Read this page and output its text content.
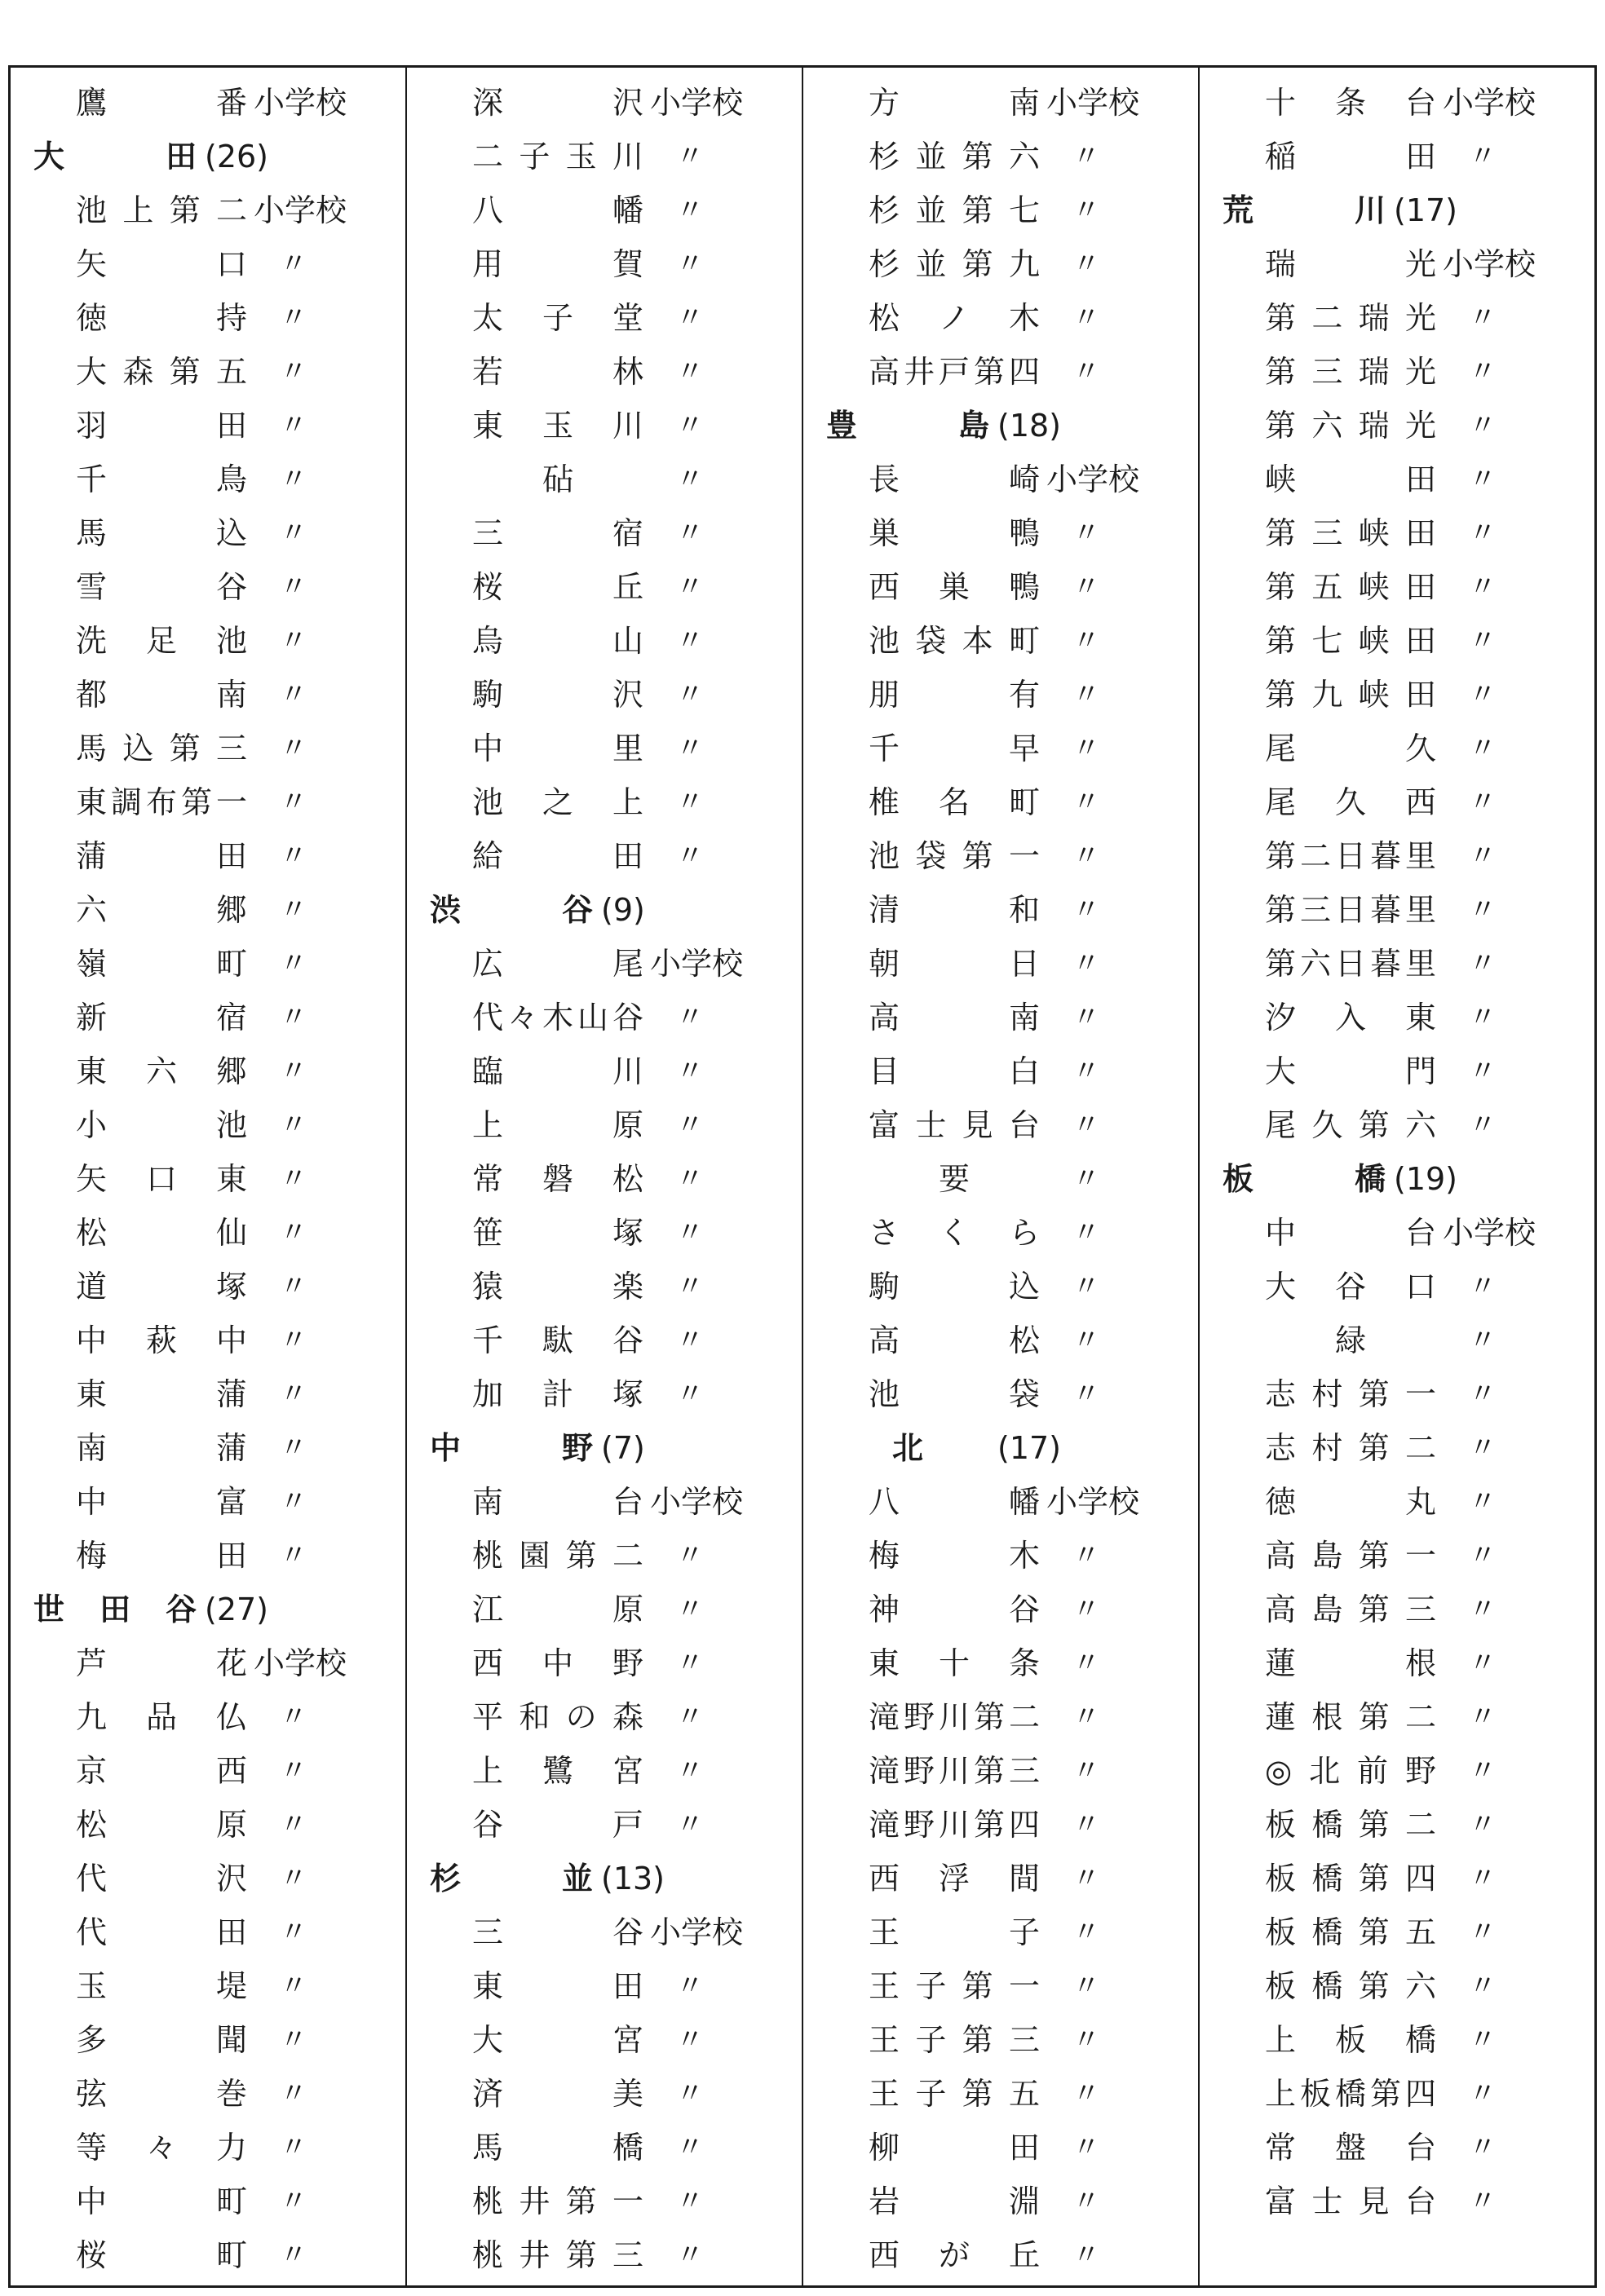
鷹	番 小学校
大	田 (26)
池 上 第 二 小学校
矢	口 〃
徳	持 〃
大 森 第 五 〃
羽	田 〃
千	鳥 〃
馬	込 〃
雪	谷 〃
洗 足 池 〃
都	南 〃
馬 込 第 三 〃
東 調 布 第 一 〃
蒲	田 〃
六	郷 〃
嶺	町 〃
新	宿 〃
東 六 郷 〃
小	池 〃
矢 口 東 〃
松	仙 〃
道	塚 〃
中 萩 中 〃
東	蒲 〃
南	蒲 〃
中	富 〃
梅	田 〃
世 田 谷 (27)
芦	花 小学校
九 品 仏 〃
京	西 〃
松	原 〃
代	沢 〃
代	田 〃
玉	堤 〃
多	聞 〃
弦	巻 〃
等 々 力 〃
中	町 〃
桜	町 〃
深	沢 小学校
二 子 玉 川 〃
八	幡 〃
用	賀 〃
太 子 堂 〃
若	林 〃
東 玉 川 〃
砧	〃
三	宿 〃
桜	丘 〃
烏	山 〃
駒	沢 〃
中	里 〃
池 之 上 〃
給	田 〃
渋	谷 (9)
広	尾 小学校
代 々 木 山 谷 〃
臨	川 〃
上	原 〃
常 磐 松 〃
笹	塚 〃
猿	楽 〃
千 駄 谷 〃
加 計 塚 〃
中	野 (7)
南	台 小学校
桃 園 第 二 〃
江	原 〃
西 中 野 〃
平 和 の 森 〃
上 鷺 宮 〃
谷	戸 〃
杉	並 (13)
三	谷 小学校
東	田 〃
大	宮 〃
済	美 〃
馬	橋 〃
桃 井 第 一 〃
桃 井 第 三 〃
方	南 小学校
杉 並 第 六 〃
杉 並 第 七 〃
杉 並 第 九 〃
松 ノ 木 〃
高 井 戸 第 四 〃
豊	島 (18)
長	崎 小学校
巣	鴨 〃
西 巣 鴨 〃
池 袋 本 町 〃
朋	有 〃
千	早 〃
椎 名 町 〃
池 袋 第 一 〃
清	和 〃
朝	日 〃
高	南 〃
目	白 〃
富 士 見 台 〃
要	〃
さ く ら 〃
駒	込 〃
高	松 〃
池	袋 〃
北 (17)
八	幡 小学校
梅	木 〃
神	谷 〃
東 十 条 〃
滝 野 川 第 二 〃
滝 野 川 第 三 〃
滝 野 川 第 四 〃
西 浮 間 〃
王	子 〃
王 子 第 一 〃
王 子 第 三 〃
王 子 第 五 〃
柳	田 〃
岩	淵 〃
西 が 丘 〃
十 条 台 小学校
稲	田 〃
荒	川 (17)
瑞	光 小学校
第 二 瑞 光 〃
第 三 瑞 光 〃
第 六 瑞 光 〃
峡	田 〃
第 三 峡 田 〃
第 五 峡 田 〃
第 七 峡 田 〃
第 九 峡 田 〃
尾	久 〃
尾 久 西 〃
第 二 日 暮 里 〃
第 三 日 暮 里 〃
第 六 日 暮 里 〃
汐 入 東 〃
大	門 〃
尾 久 第 六 〃
板	橋 (19)
中	台 小学校
大 谷 口 〃
緑	〃
志 村 第 一 〃
志 村 第 二 〃
徳	丸 〃
高 島 第 一 〃
高 島 第 三 〃
蓮	根 〃
蓮 根 第 二 〃
◎ 北 前 野 〃
板 橋 第 二 〃
板 橋 第 四 〃
板 橋 第 五 〃
板 橋 第 六 〃
上 板 橋 〃
上 板 橋 第 四 〃
常 盤 台 〃
富 士 見 台 〃
